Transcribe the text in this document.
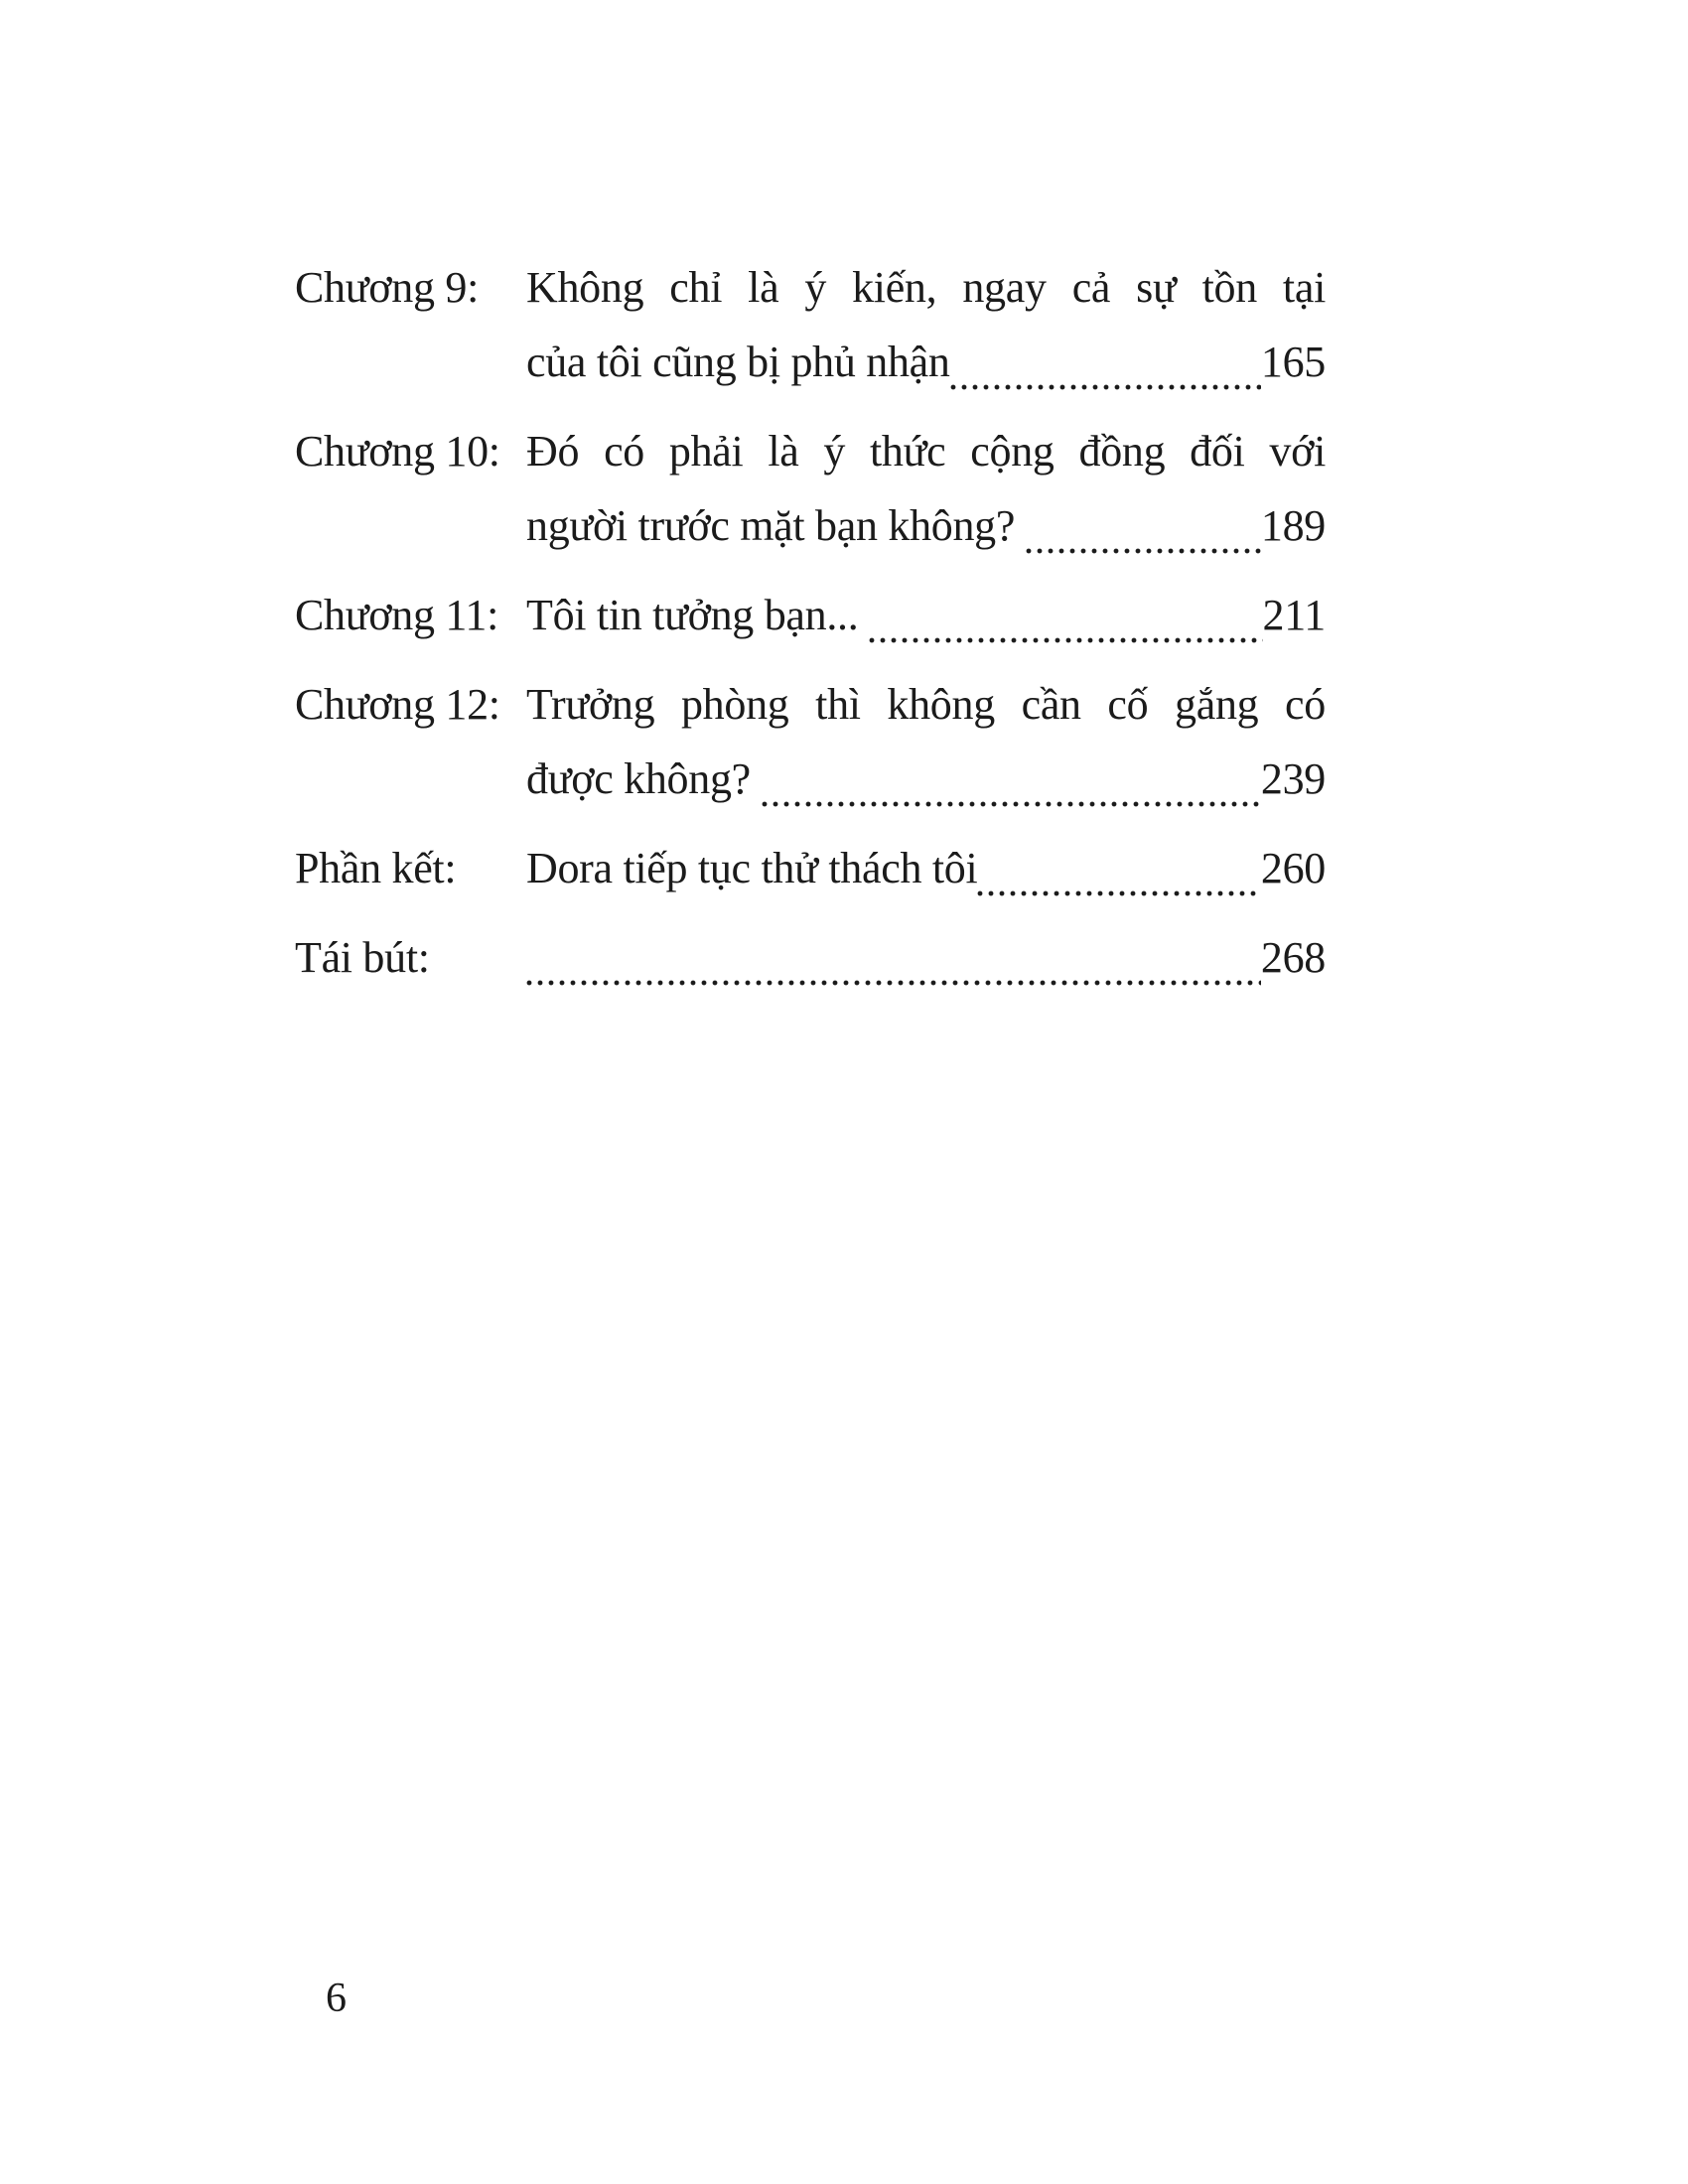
Chương 9:	Không chỉ là ý kiến, ngay cả sự tồn tại
của tôi cũng bị phủ nhận	165
Chương 10: Đó có phải là ý thức cộng đồng đối với
người trước mặt bạn không?	189
Chương 11: Tôi tin tưởng bạn...	211
Chương 12: Trưởng phòng thì không cần cố gắng có
được không?	239
Phần kết:	Dora tiếp tục thử thách tôi	260
Tái bút:	268
6
